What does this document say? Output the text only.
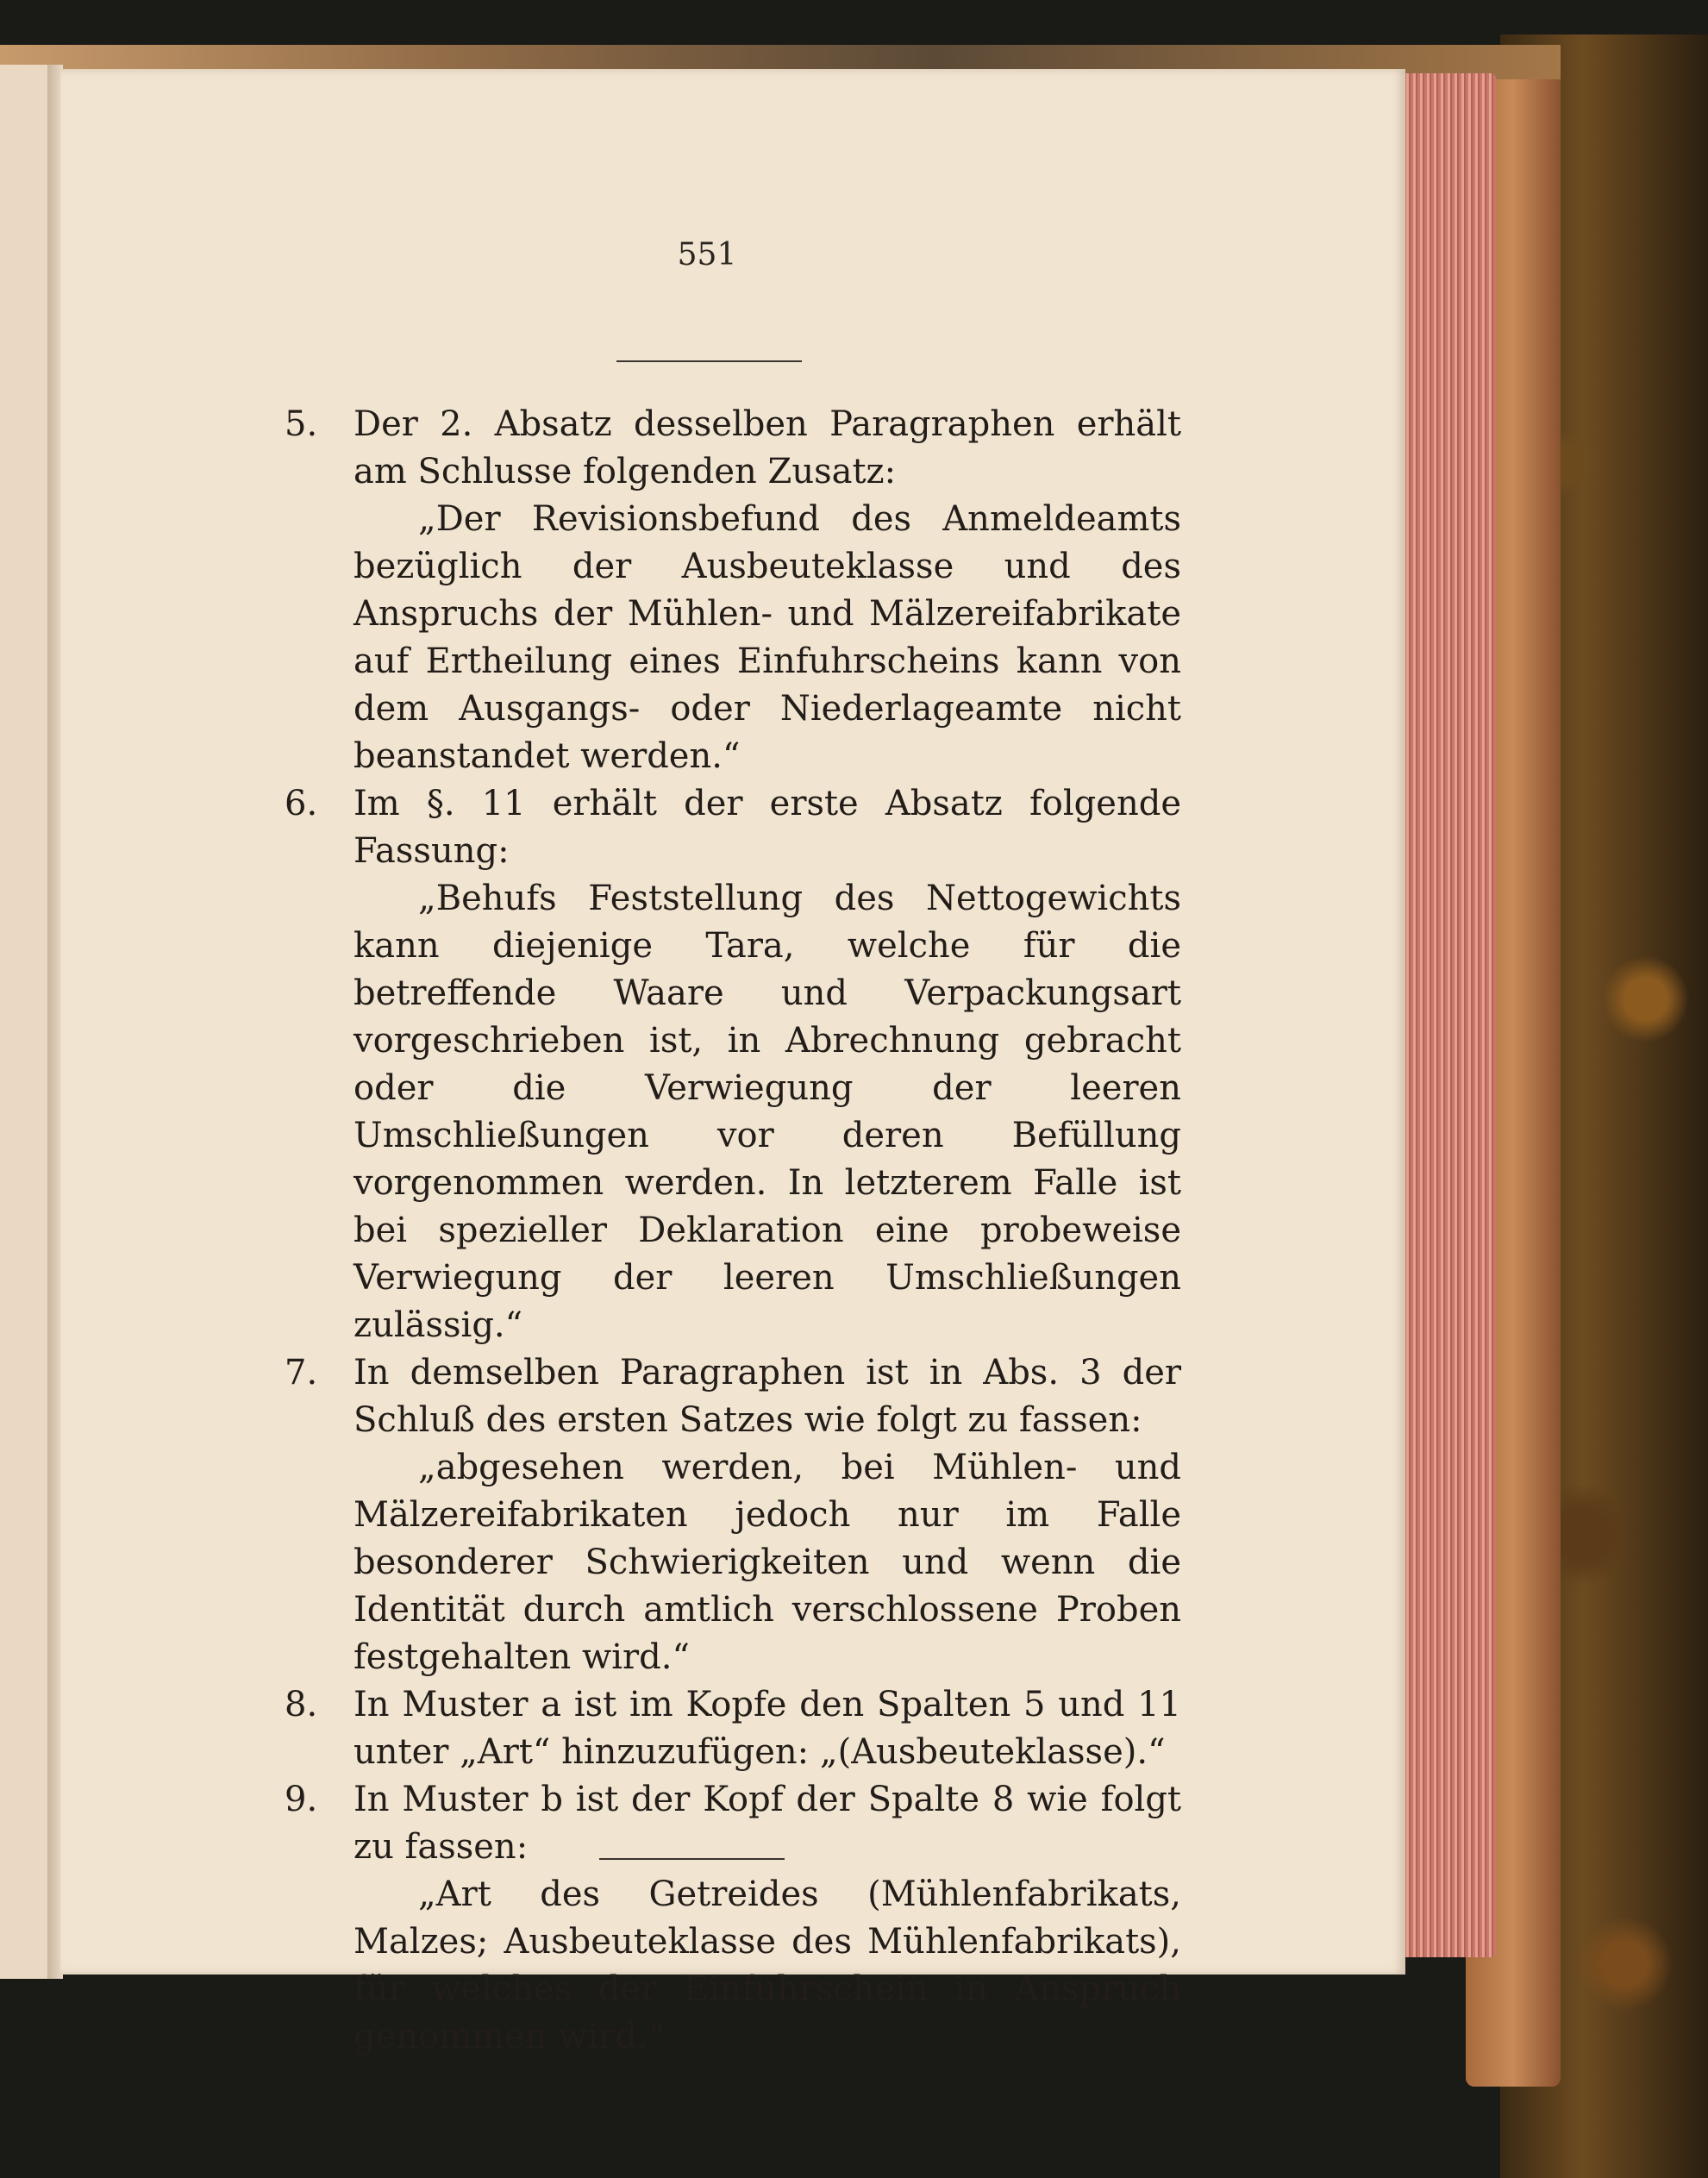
551
5.	Der 2. Absatz desselben Paragraphen erhält am Schlusse folgenden Zusatz:

„Der Revisionsbefund des Anmeldeamts bezüglich der Ausbeuteklasse und des Anspruchs der Mühlen- und Mälzereifabrikate auf Ertheilung eines Einfuhrscheins kann von dem Ausgangs- oder Niederlageamte nicht beanstandet werden.“

6.	Im §. 11 erhält der erste Absatz folgende Fassung:

„Behufs Feststellung des Nettogewichts kann diejenige Tara, welche für die betreffende Waare und Verpackungsart vorgeschrieben ist, in Abrechnung gebracht oder die Verwiegung der leeren Umschließungen vor deren Befüllung vorgenommen werden. In letzterem Falle ist bei spezieller Deklaration eine probeweise Verwiegung der leeren Umschließungen zulässig.“

7.	In demselben Paragraphen ist in Abs. 3 der Schluß des ersten Satzes wie folgt zu fassen:

„abgesehen werden, bei Mühlen- und Mälzereifabrikaten jedoch nur im Falle besonderer Schwierigkeiten und wenn die Identität durch amtlich verschlossene Proben festgehalten wird.“

8.	In Muster a ist im Kopfe den Spalten 5 und 11 unter „Art“ hinzuzufügen: „(Ausbeuteklasse).“
9.	In Muster b ist der Kopf der Spalte 8 wie folgt zu fassen:

„Art des Getreides (Mühlenfabrikats, Malzes; Ausbeuteklasse des Mühlenfabrikats), für welches der Einfuhrschein in Anspruch genommen wird.“
